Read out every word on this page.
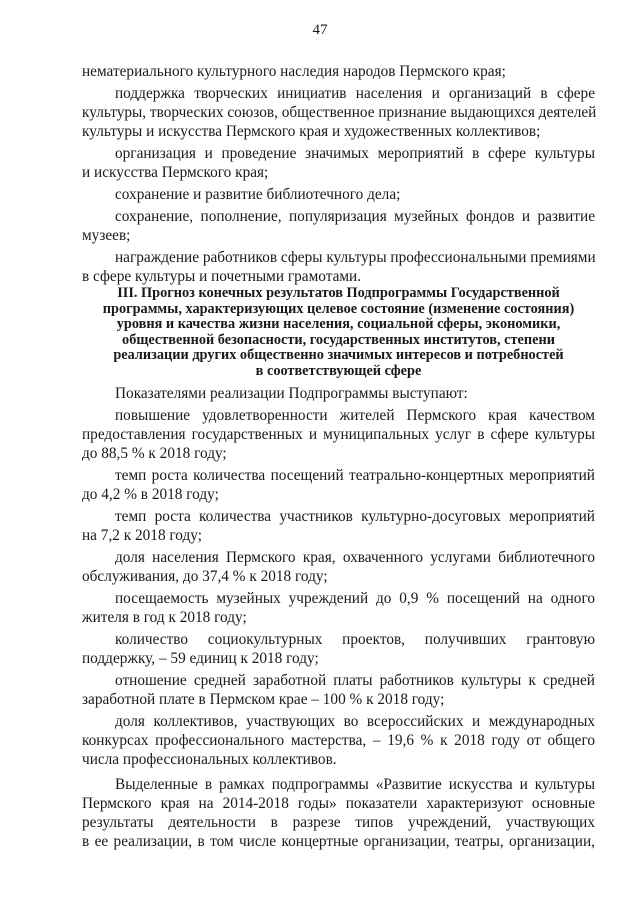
47
нематериального культурного наследия народов Пермского края;
поддержка творческих инициатив населения и организаций в сфере
культуры, творческих союзов, общественное признание выдающихся деятелей
культуры и искусства Пермского края и художественных коллективов;
организация и проведение значимых мероприятий в сфере культуры
и искусства Пермского края;
сохранение и развитие библиотечного дела;
сохранение, пополнение, популяризация музейных фондов и развитие
музеев;
награждение работников сферы культуры профессиональными премиями
в сфере культуры и почетными грамотами.
III. Прогноз конечных результатов Подпрограммы Государственной
программы, характеризующих целевое состояние (изменение состояния)
уровня и качества жизни населения, социальной сферы, экономики,
общественной безопасности, государственных институтов, степени
реализации других общественно значимых интересов и потребностей
в соответствующей сфере
Показателями реализации Подпрограммы выступают:
повышение удовлетворенности жителей Пермского края качеством
предоставления государственных и муниципальных услуг в сфере культуры
до 88,5 % к 2018 году;
темп роста количества посещений театрально-концертных мероприятий
до 4,2 % в 2018 году;
темп роста количества участников культурно-досуговых мероприятий
на 7,2 к 2018 году;
доля населения Пермского края, охваченного услугами библиотечного
обслуживания, до 37,4 % к 2018 году;
посещаемость музейных учреждений до 0,9 % посещений на одного
жителя в год к 2018 году;
количество социокультурных проектов, получивших грантовую
поддержку, – 59 единиц к 2018 году;
отношение средней заработной платы работников культуры к средней
заработной плате в Пермском крае – 100 % к 2018 году;
доля коллективов, участвующих во всероссийских и международных
конкурсах профессионального мастерства, – 19,6 % к 2018 году от общего
числа профессиональных коллективов.
Выделенные в рамках подпрограммы «Развитие искусства и культуры
Пермского края на 2014-2018 годы» показатели характеризуют основные
результаты деятельности в разрезе типов учреждений, участвующих
в ее реализации, в том числе концертные организации, театры, организации,
